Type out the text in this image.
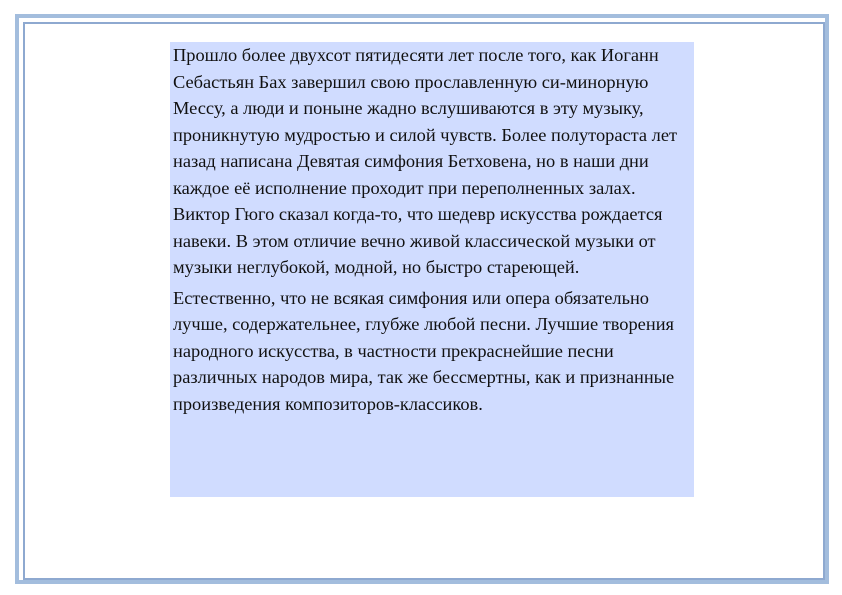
Прошло более двухсот пятидесяти лет после того, как Иоганн Себастьян Бах завершил свою прославленную си-минорную Мессу, а люди и поныне жадно вслушиваются в эту музыку, проникнутую мудростью и силой чувств. Более полутораста лет назад написана Девятая симфония Бетховена, но в наши дни каждое её исполнение проходит при переполненных залах. Виктор Гюго сказал когда-то, что шедевр искусства рождается навеки. В этом отличие вечно живой классической музыки от музыки неглубокой, модной, но быстро стареющей.

Естественно, что не всякая симфония или опера обязательно лучше, содержательнее, глубже любой песни. Лучшие творения народного искусства, в частности прекраснейшие песни различных народов мира, так же бессмертны, как и признанные произведения композиторов-классиков.
